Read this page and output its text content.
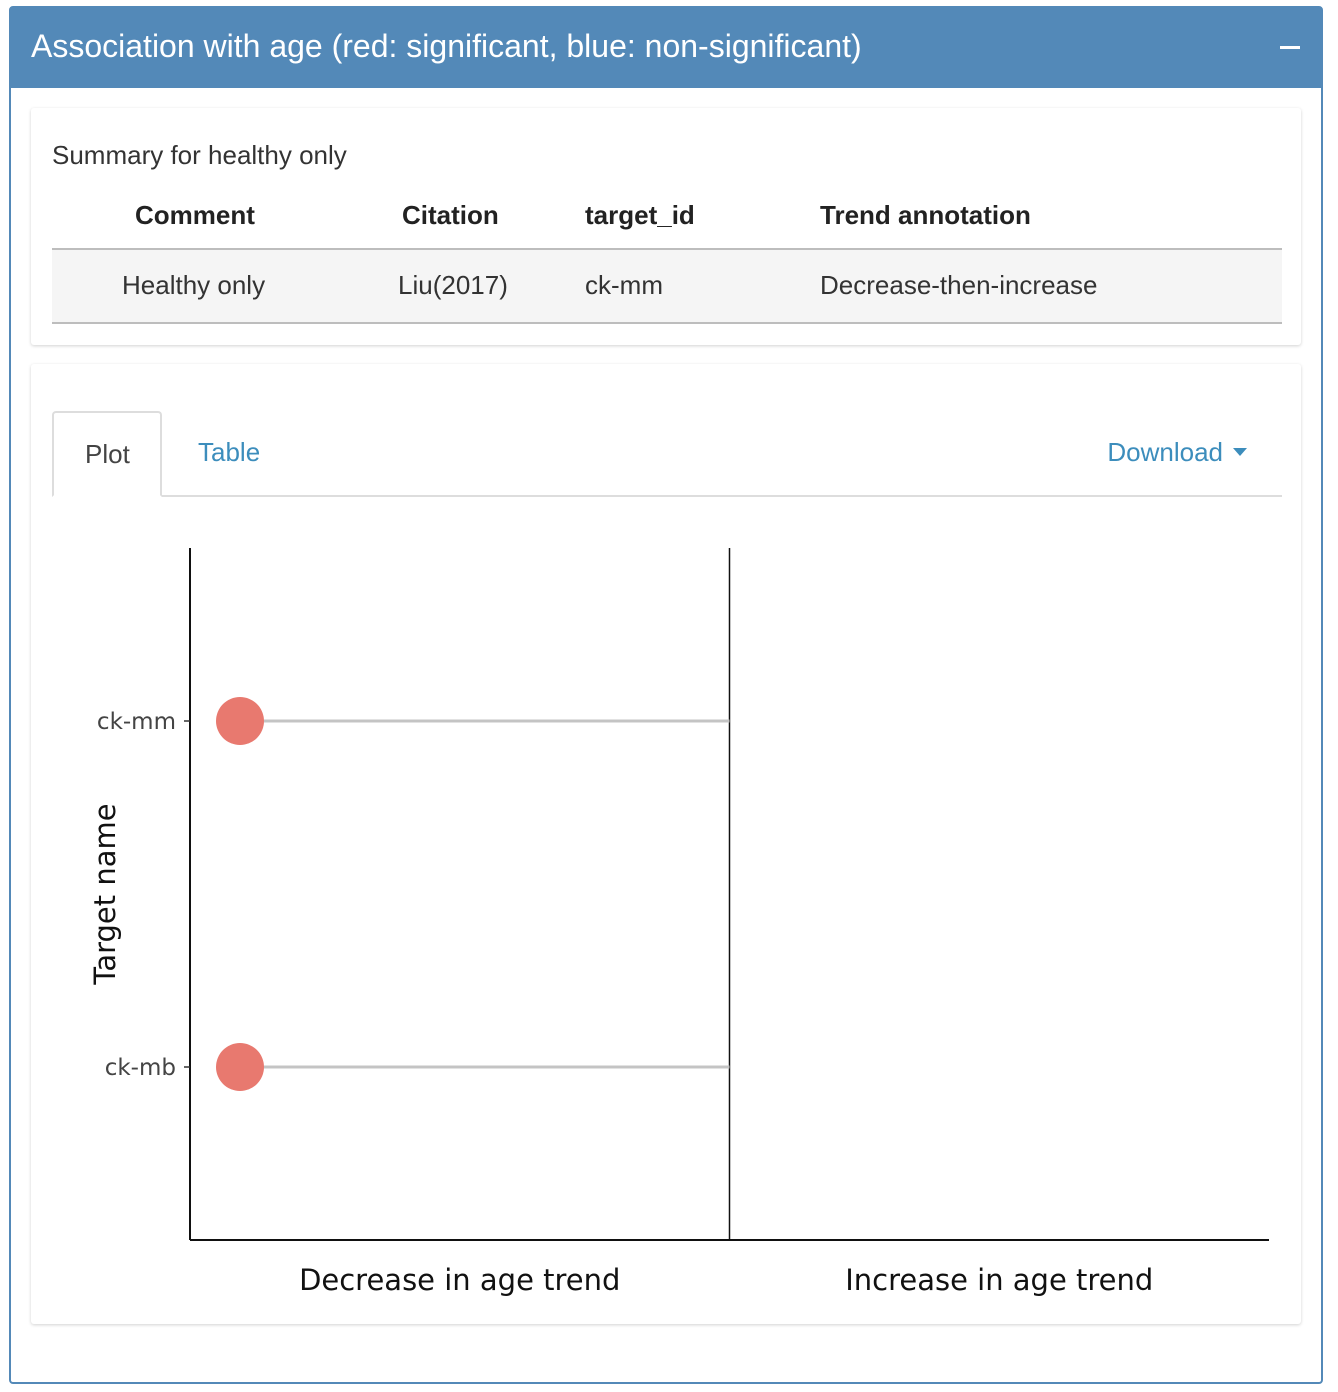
Association with age (red: significant, blue: non-significant)
Summary for healthy only
Comment	Citation	target_id	Trend annotation
Healthy only	Liu(2017)	ck-mm	Decrease-then-increase
Plot	Table	Download
Decrease in age trend	Increase in age trend
ck-mm
ck-mb
Target name
